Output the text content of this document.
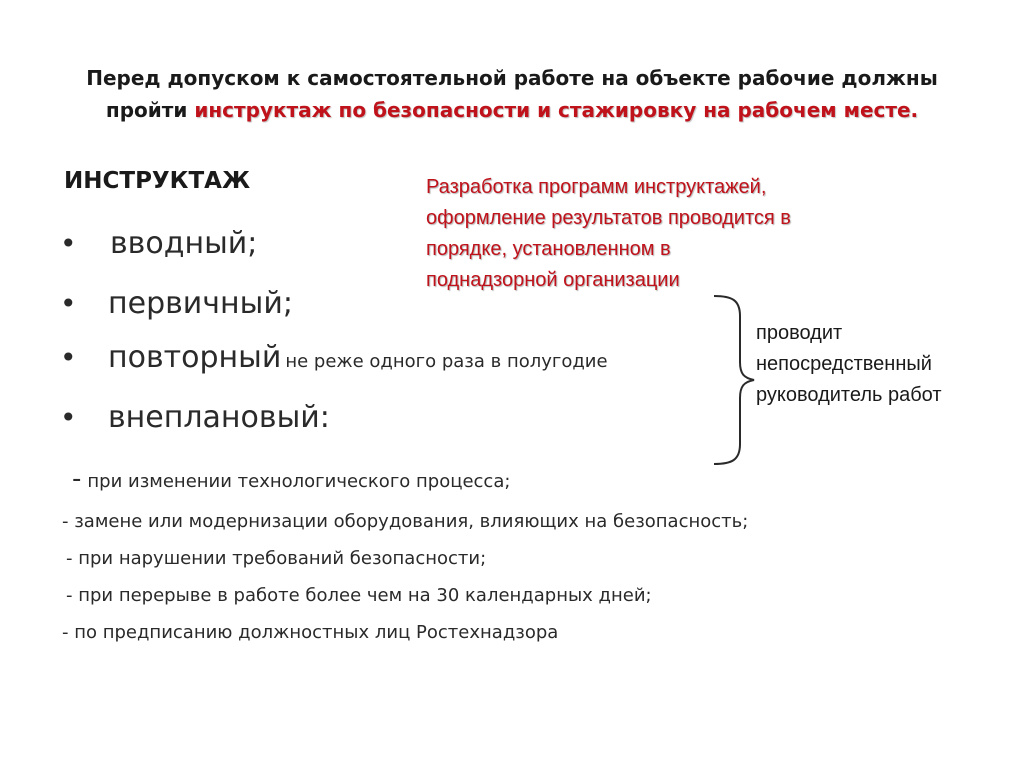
Перед допуском к самостоятельной работе на объекте рабочие должны
пройти инструктаж по безопасности и стажировку на рабочем месте.
ИНСТРУКТАЖ
• вводный;
• первичный;
• повторный не реже одного раза в полугодие
• внеплановый:
- при изменении технологического процесса;
- замене или модернизации оборудования, влияющих на безопасность;
- при нарушении требований безопасности;
- при перерыве в работе более чем на 30 календарных дней;
- по предписанию должностных лиц Ростехнадзора
Разработка программ инструктажей,
оформление результатов проводится в
порядке, установленном в
поднадзорной организации
проводит
непосредственный
руководитель работ
